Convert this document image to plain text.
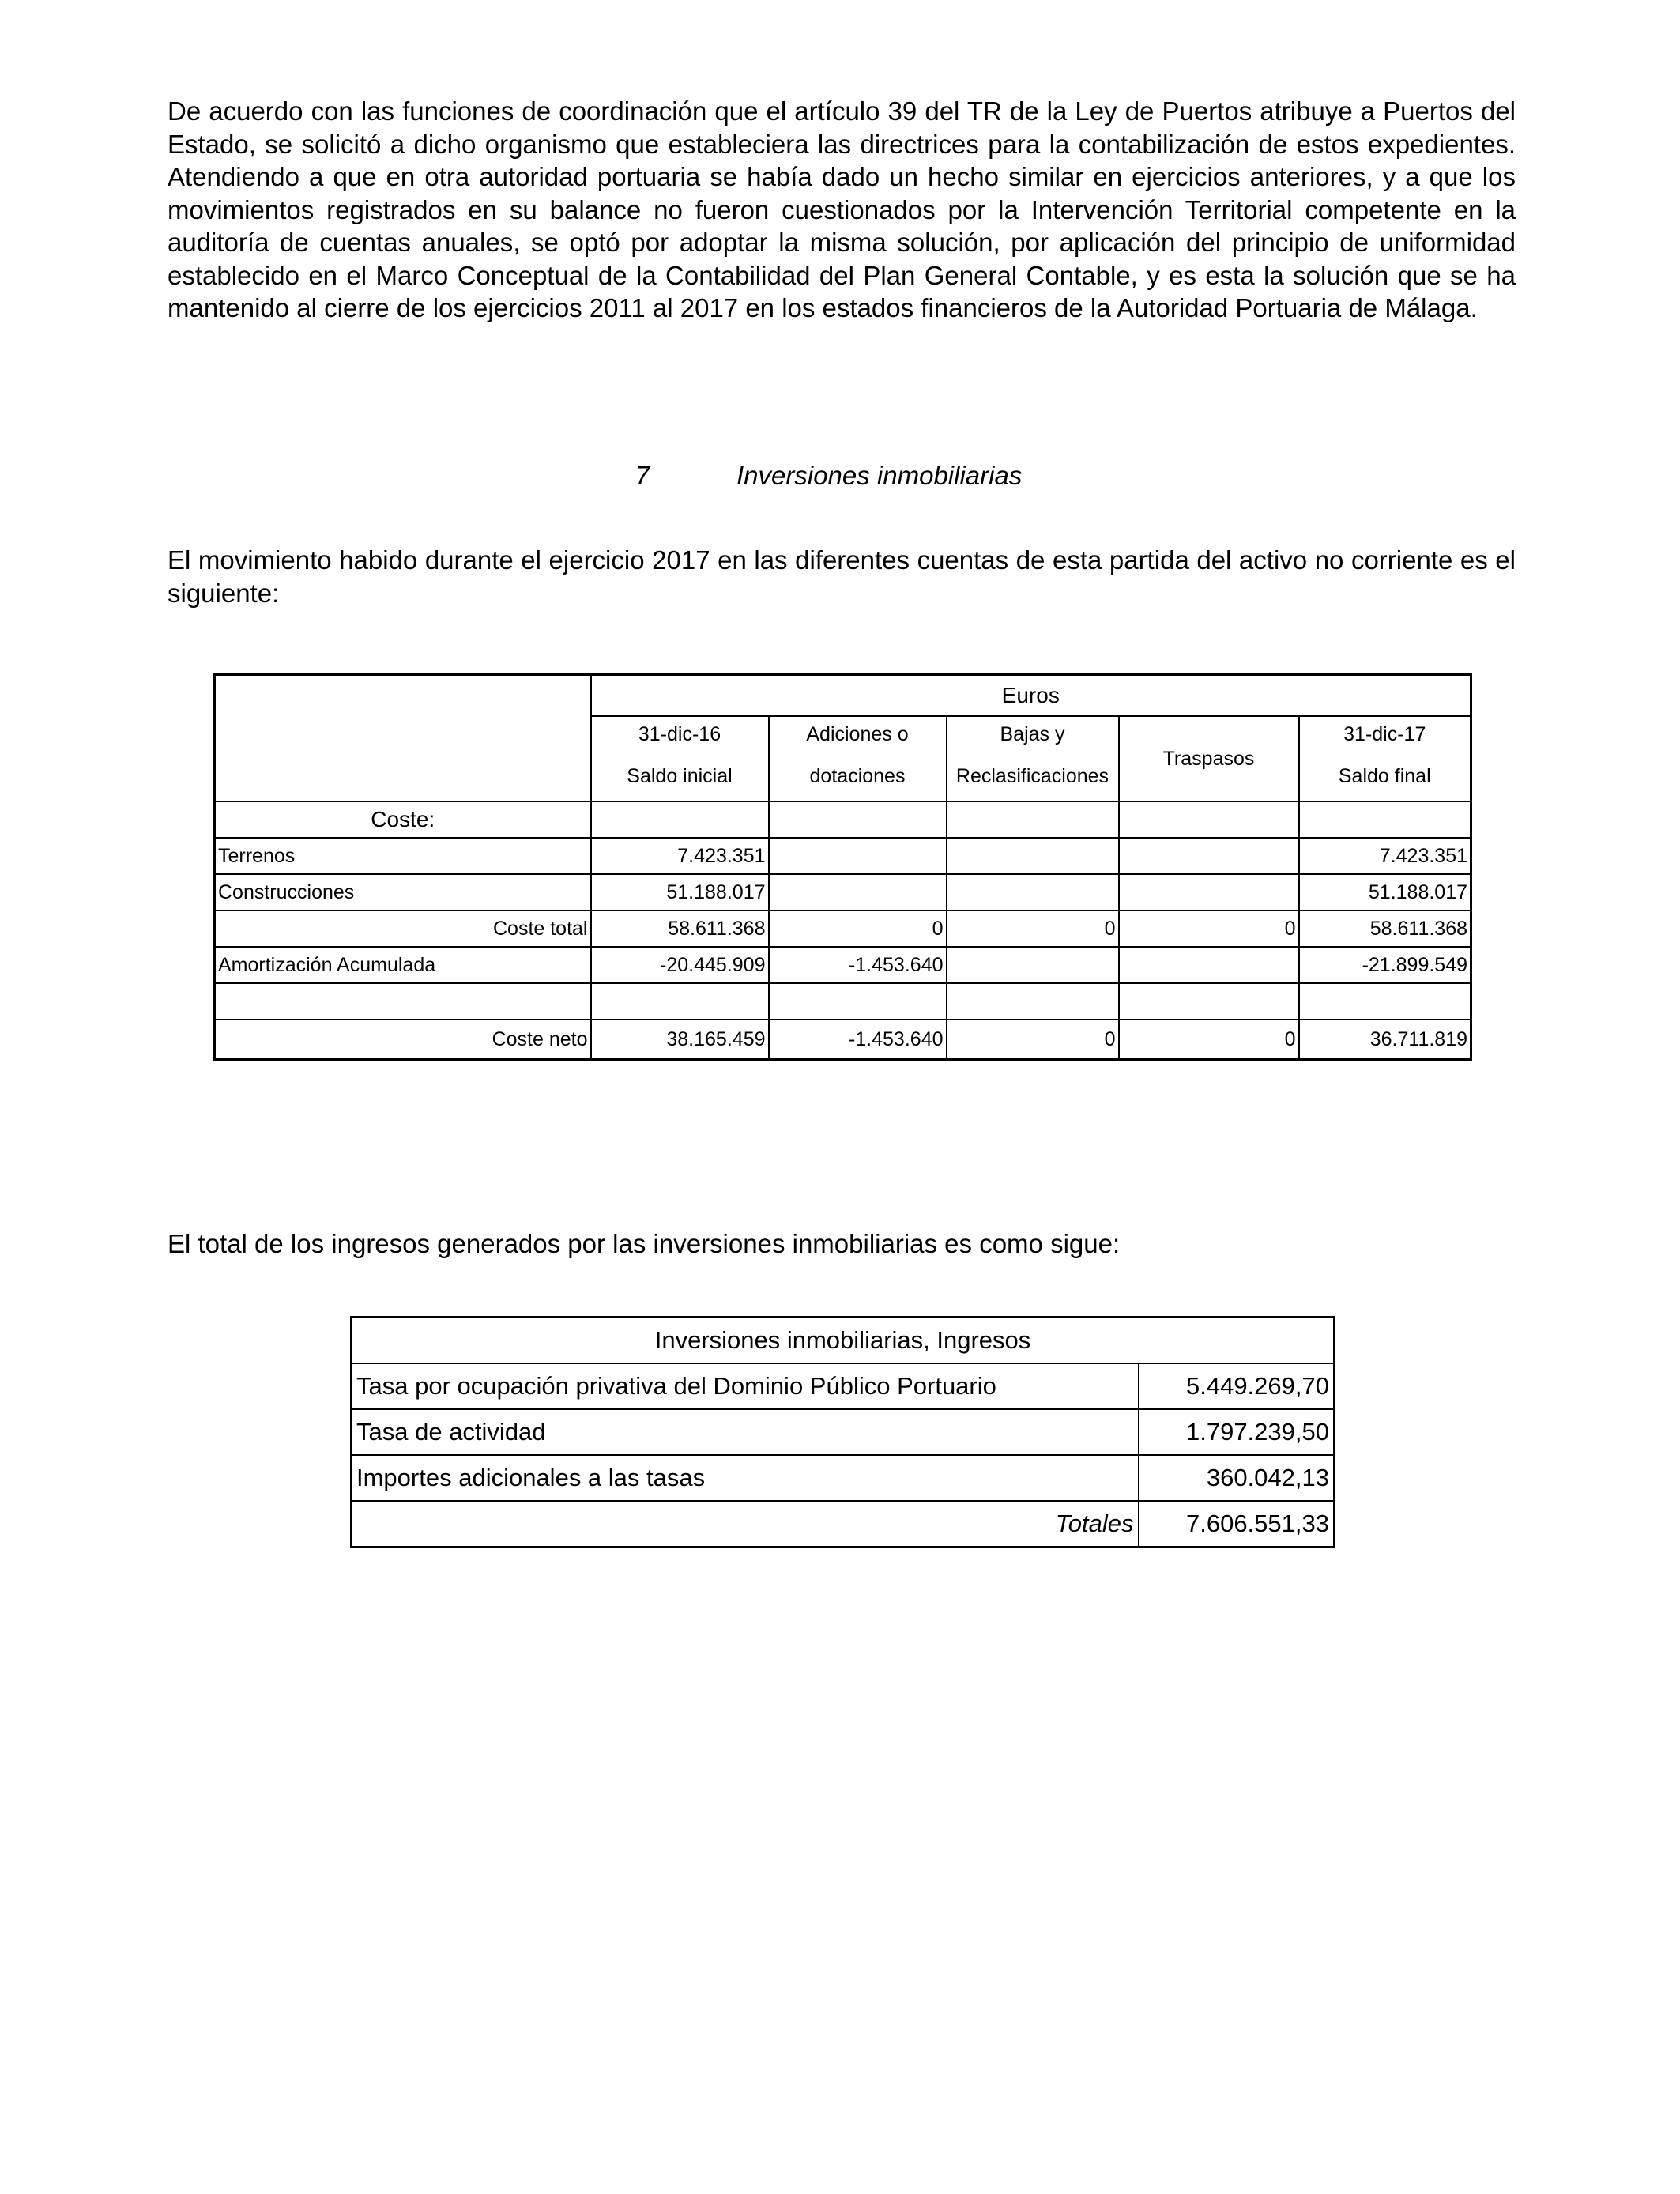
De acuerdo con las funciones de coordinación que el artículo 39 del TR de la Ley de Puertos atribuye a Puertos del Estado, se solicitó a dicho organismo que estableciera las directrices para la contabilización de estos expedientes. Atendiendo a que en otra autoridad portuaria se había dado un hecho similar en ejercicios anteriores, y a que los movimientos registrados en su balance no fueron cuestionados por la Intervención Territorial competente en la auditoría de cuentas anuales, se optó por adoptar la misma solución, por aplicación del principio de uniformidad establecido en el Marco Conceptual de la Contabilidad del Plan General Contable, y es esta la solución que se ha mantenido al cierre de los ejercicios 2011 al 2017 en los estados financieros de la Autoridad Portuaria de Málaga.

7	Inversiones inmobiliarias

El movimiento habido durante el ejercicio 2017 en las diferentes cuentas de esta partida del activo no corriente es el siguiente:

	Euros				
	31-dic-16	Adiciones o	Bajas y	Traspasos	31-dic-17
	Saldo inicial	dotaciones	Reclasificaciones		Saldo final
Coste:					
Terrenos	7.423.351				7.423.351
Construcciones	51.188.017				51.188.017
Coste total	58.611.368	0	0	0	58.611.368
Amortización Acumulada	-20.445.909	-1.453.640			-21.899.549

Coste neto	38.165.459	-1.453.640	0	0	36.711.819

El total de los ingresos generados por las inversiones inmobiliarias es como sigue:

Inversiones inmobiliarias, Ingresos	
Tasa por ocupación privativa del Dominio Público Portuario	5.449.269,70
Tasa de actividad	1.797.239,50
Importes adicionales a las tasas	360.042,13
Totales	7.606.551,33
